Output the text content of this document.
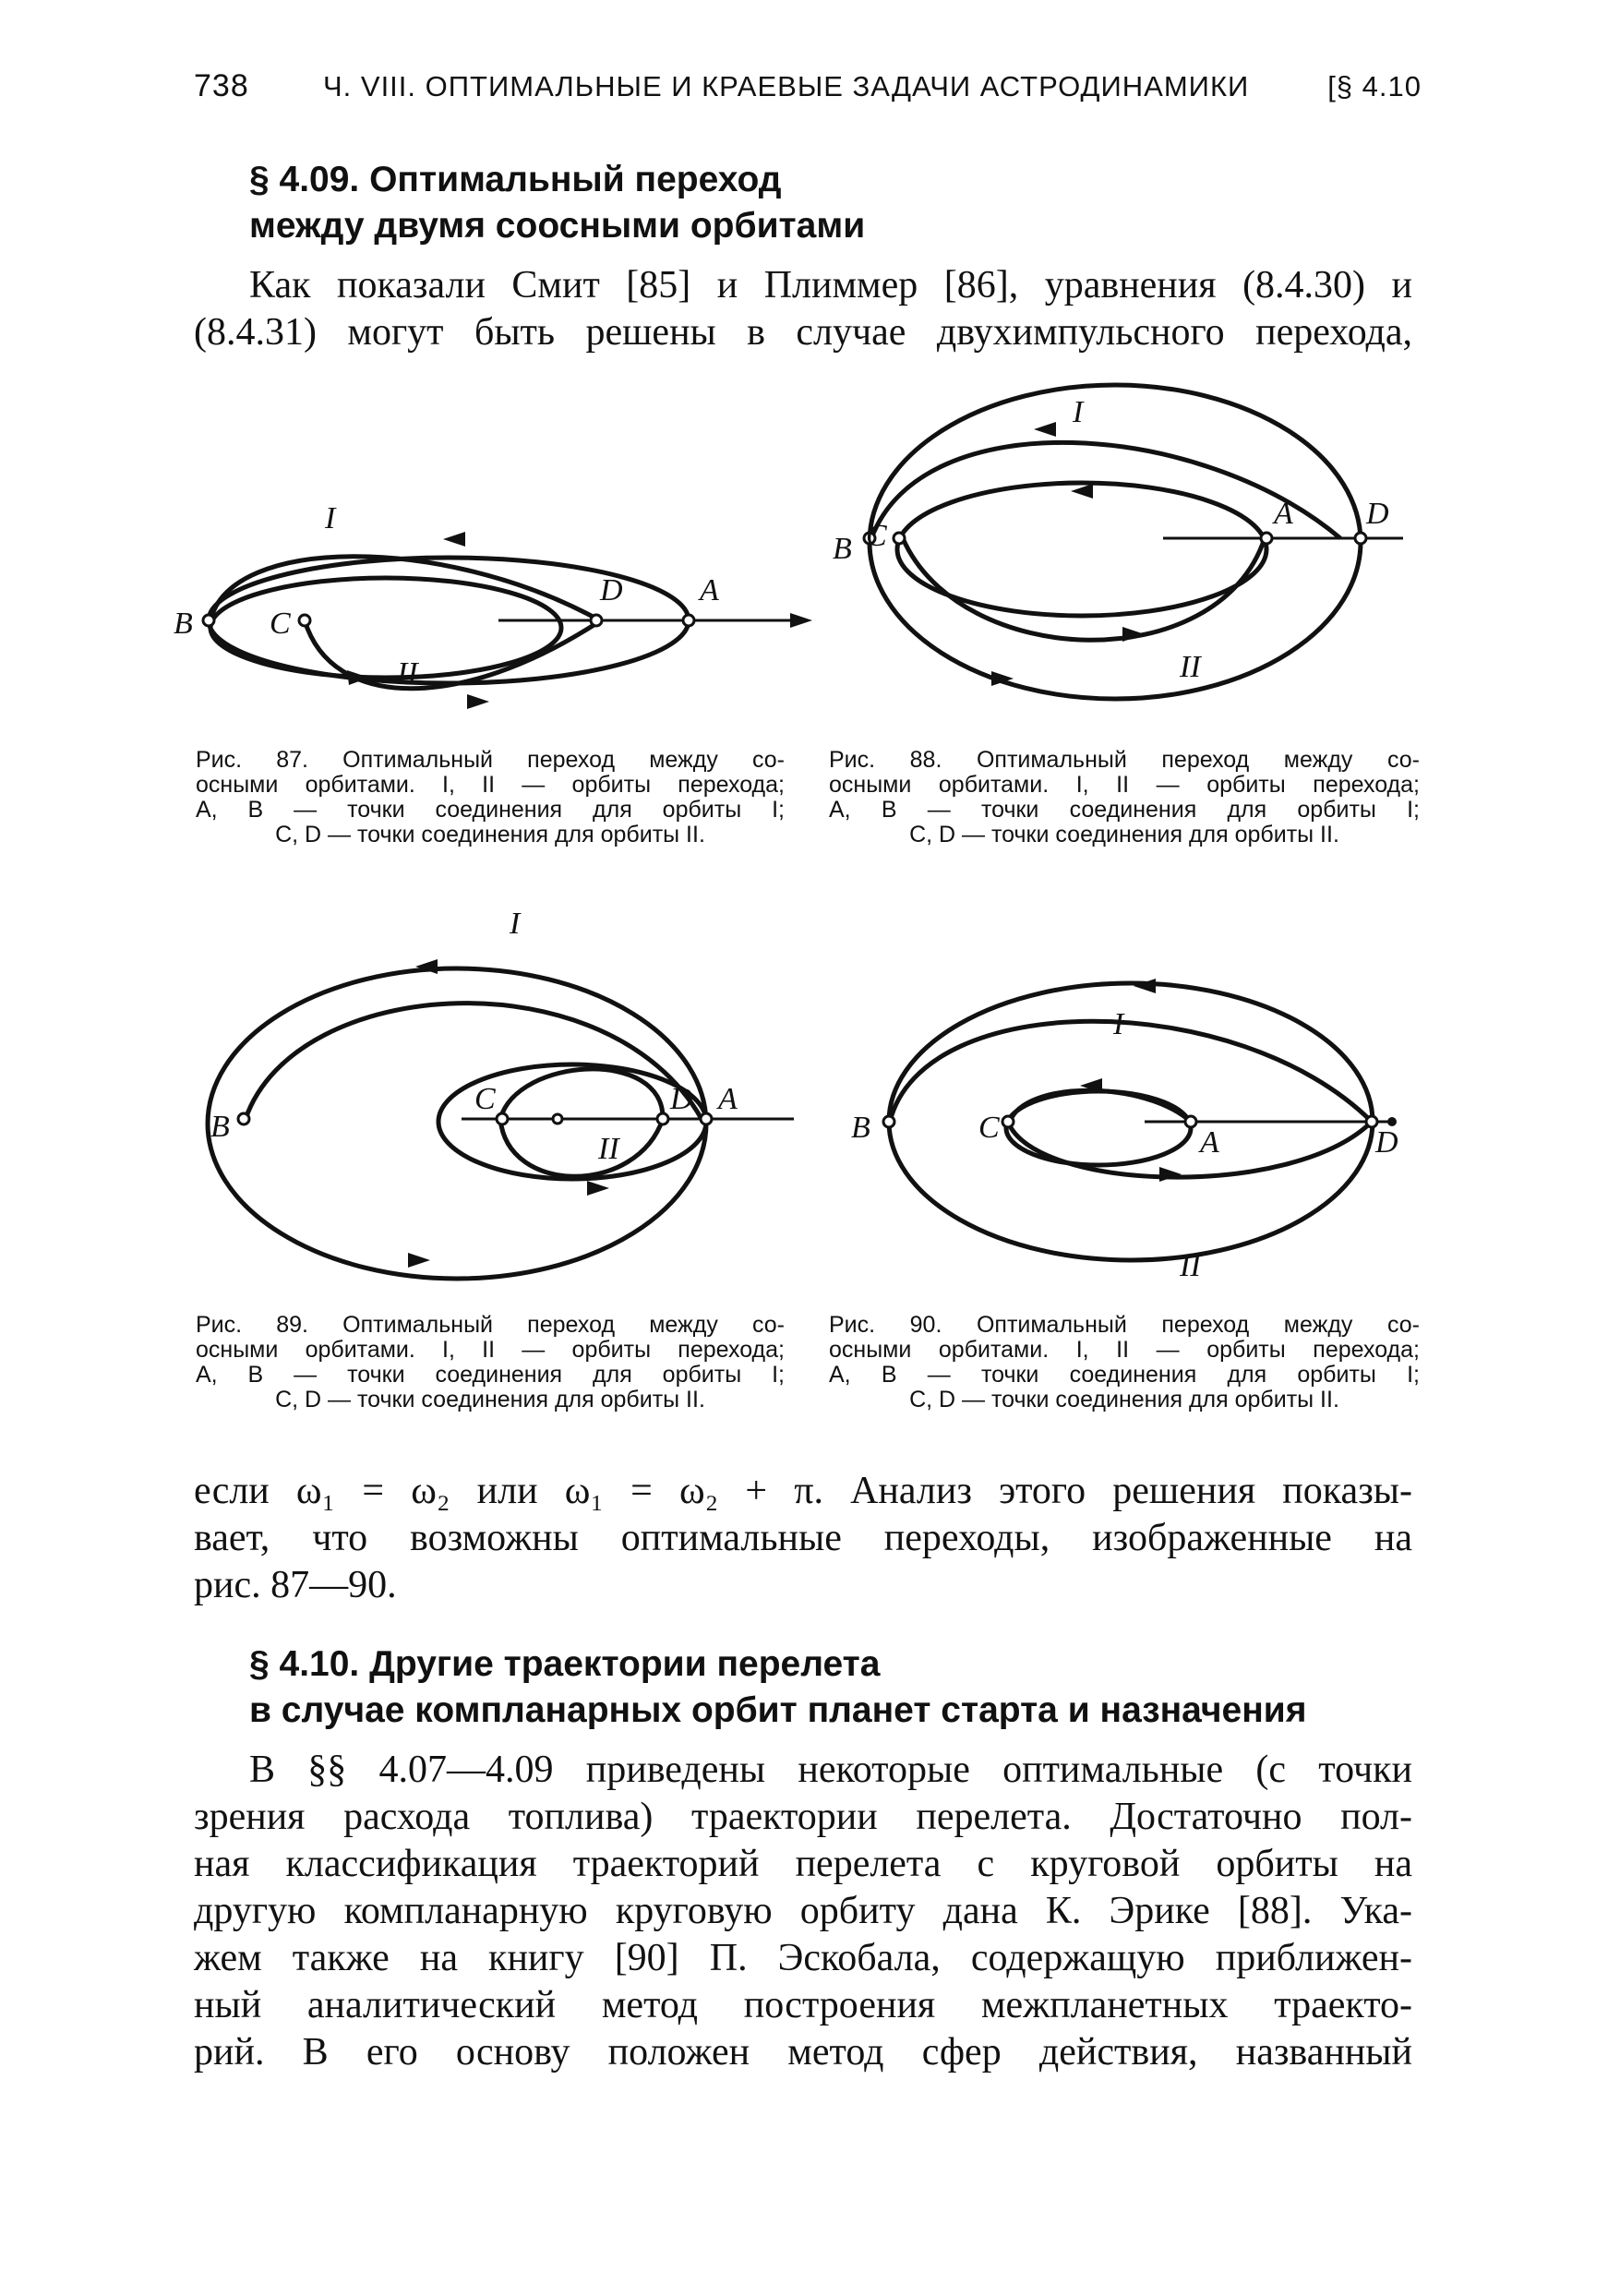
738	Ч. VIII. ОПТИМАЛЬНЫЕ И КРАЕВЫЕ ЗАДАЧИ АСТРОДИНАМИКИ	[§ 4.10
§ 4.09. Оптимальный переход
между двумя соосными орбитами
Как показали Смит [85] и Плиммер [86], уравнения (8.4.30) и
(8.4.31) могут быть решены в случае двухимпульсного перехода,
I
II
B C
D A
Рис. 87. Оптимальный переход между со-
осными орбитами. I, II — орбиты перехода;
A, B — точки соединения для орбиты I;
C, D — точки соединения для орбиты II.
I
II
B C
A D
Рис. 88. Оптимальный переход между со-
осными орбитами. I, II — орбиты перехода;
A, B — точки соединения для орбиты I;
C, D — точки соединения для орбиты II.
I
II
B
C	D A
Рис. 89. Оптимальный переход между со-
осными орбитами. I, II — орбиты перехода;
A, B — точки соединения для орбиты I;
C, D — точки соединения для орбиты II.
I
II
B	C	A	D
Рис. 90. Оптимальный переход между со-
осными орбитами. I, II — орбиты перехода;
A, B — точки соединения для орбиты I;
C, D — точки соединения для орбиты II.
если ω₁ = ω₂ или ω₁ = ω₂ + π. Анализ этого решения показы-
вает, что возможны оптимальные переходы, изображенные на
рис. 87—90.
§ 4.10. Другие траектории перелета
в случае компланарных орбит планет старта и назначения
В §§ 4.07—4.09 приведены некоторые оптимальные (с точки
зрения расхода топлива) траектории перелета. Достаточно пол-
ная классификация траекторий перелета с круговой орбиты на
другую компланарную круговую орбиту дана К. Эрике [88]. Ука-
жем также на книгу [90] П. Эскобала, содержащую приближен-
ный аналитический метод построения межпланетных траекто-
рий. В его основу положен метод сфер действия, названный
